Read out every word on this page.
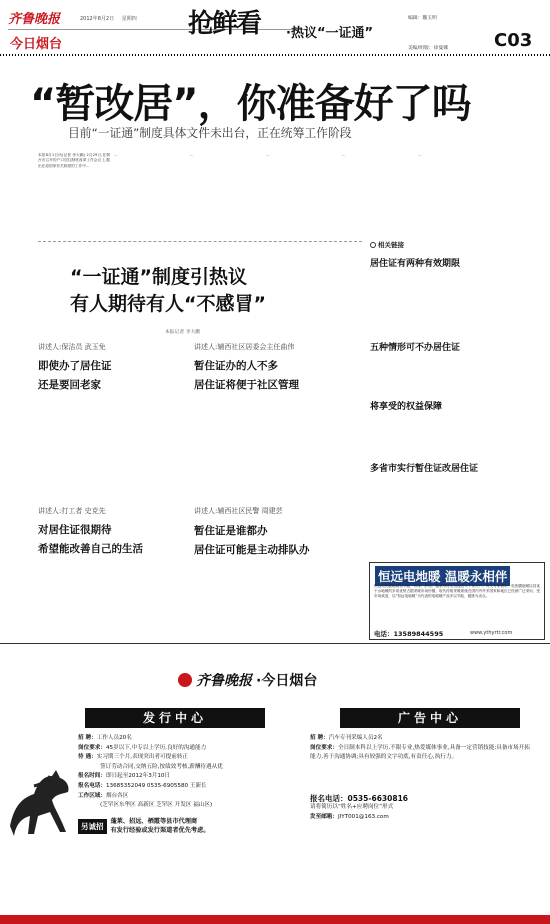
齐鲁晚报
今日烟台
2012年8月2日 星期四 抢鲜看 ·热议“一证通”
编辑：魏玉明
美编/组版：徐曼娜	C03
“暂改居”，你准备好了吗
目前“一证通”制度具体文件未出台，正在统筹工作阶段
本报8月1日讯(记者 李大鹏) 2月29日,在烟台市召开的户口居住制度改革工作会议上,据出在原国家有关制度的工作中...
...	...	...	...	...
“一证通”制度引热议
有人期待有人“不感冒”
本报记者 李大鹏
讲述人:保洁员 武玉免
即使办了居住证
还是要回老家
讲述人:打工者 史克先
对居住证很期待
希望能改善自己的生活
讲述人:辅西社区居委会主任曲伟
暂住证办的人不多
居住证将便于社区管理
讲述人:辅西社区民警 周建芸
暂住证是谁都办
居住证可能是主动排队办
相关链接
居住证有两种有效期限
五种情形可不办居住证
将享受的权益保障
多省市实行暂住证改居住证
恒远电地暖 温暖永相伴
恒远电热膜地暖以节能、环保、舒适、健康等特点迅速进入千家万户。有关专家表示，电热膜地暖以其优于水地暖的多项优势占据采暖市场份额，取代传统采暖系统在国内外许多国家和地区已经被广泛采用，受市场欢迎，以“恒远电地暖”为代表的电地暖产品多以节能、健康为卖点。
电话：13589844595	www.ythyrtr.com
齐鲁晚报 ·今日烟台
发行中心
招 聘：工作人员20名
岗位要求：45岁以下,中专以上学历,良好的沟通能力
待 遇：实习期三个月,表现突出者可提前转正
签订劳动合同,交纳五险,按绩效考核,薪酬待遇从优
报名时间：即日起至2012年3月10日
报名电话：13685352049 0535-6905580 王新长
工作区域：烟台各区
(芝罘区东华区 高新区 芝罘区 开发区 福山区)
另诚招
蓬莱、招远、栖霞等县市代理商
有发行经验或发行渠道者优先考虑。
广告中心
招 聘：汽车专刊采编人员2名
岗位要求：全日制本科以上学历,不限专业,热爱媒体事业,具备一定营销技能;具备市场开拓能力,善于沟通协调;具有较强的文字功底,有责任心,执行力。
报名电话：0535-6630816
请将简历以“姓名+应聘岗位”形式
发至邮箱：JIYT001@163.com
